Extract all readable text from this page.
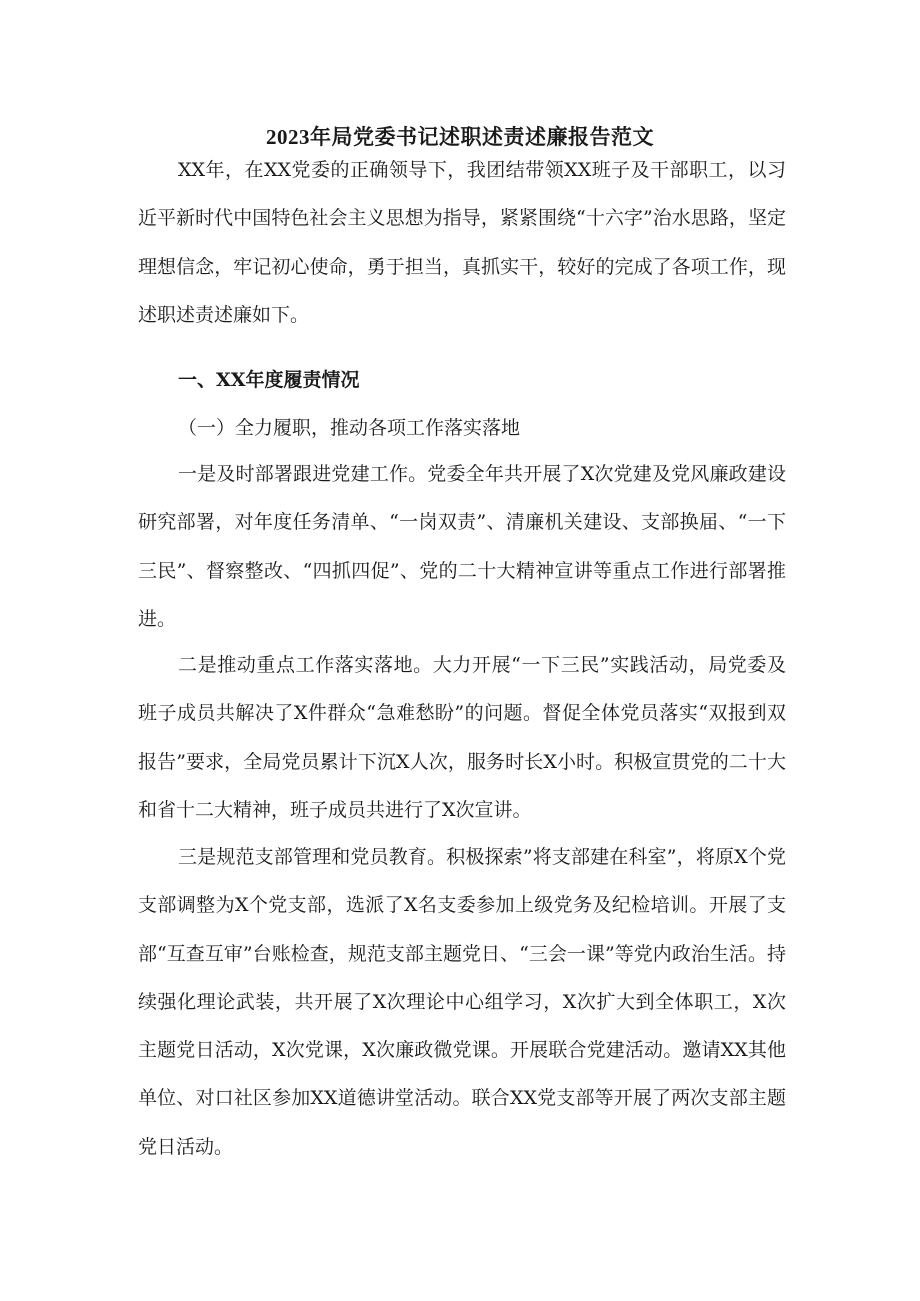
2023年局党委书记述职述责述廉报告范文

XX年，在XX党委的正确领导下，我团结带领XX班子及干部职工，以习近平新时代中国特色社会主义思想为指导，紧紧围绕“十六字”治水思路，坚定理想信念，牢记初心使命，勇于担当，真抓实干，较好的完成了各项工作，现述职述责述廉如下。

一、XX年度履责情况

（一）全力履职，推动各项工作落实落地

一是及时部署跟进党建工作。党委全年共开展了X次党建及党风廉政建设研究部署，对年度任务清单、“一岗双责”、清廉机关建设、支部换届、“一下三民”、督察整改、“四抓四促”、党的二十大精神宣讲等重点工作进行部署推进。

二是推动重点工作落实落地。大力开展“一下三民”实践活动，局党委及班子成员共解决了X件群众“急难愁盼”的问题。督促全体党员落实“双报到双报告”要求，全局党员累计下沉X人次，服务时长X小时。积极宣贯党的二十大和省十二大精神，班子成员共进行了X次宣讲。

三是规范支部管理和党员教育。积极探索”将支部建在科室”，将原X个党支部调整为X个党支部，选派了X名支委参加上级党务及纪检培训。开展了支部“互查互审”台账检查，规范支部主题党日、“三会一课”等党内政治生活。持续强化理论武装，共开展了X次理论中心组学习，X次扩大到全体职工，X次主题党日活动，X次党课，X次廉政微党课。开展联合党建活动。邀请XX其他单位、对口社区参加XX道德讲堂活动。联合XX党支部等开展了两次支部主题党日活动。
